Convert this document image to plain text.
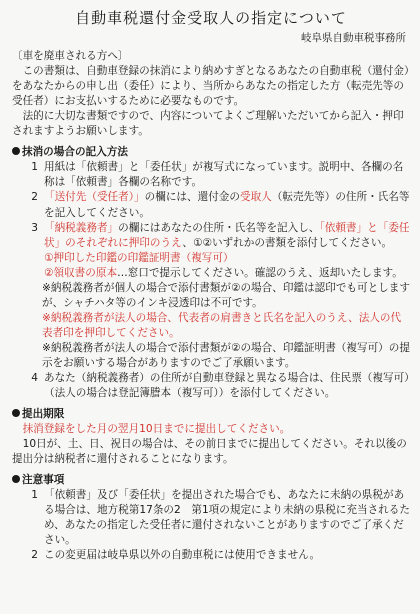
自動車税還付金受取人の指定について
岐阜県自動車税事務所
〔車を廃車される方へ〕

この書類は、自動車登録の抹消により納めすぎとなるあなたの自動車税（還付金）をあなたからの申し出（委任）により、当所からあなたの指定した方（転売先等の受任者）にお支払いするために必要なものです。

法的に大切な書類ですので、内容についてよくご理解いただいてから記入・押印されますようお願いします。

抹消の場合の記入方法
1 用紙は「依頼書」と「委任状」が複写式になっています。説明中、各欄の名称は「依頼書」各欄の名称です。
2 「送付先（受任者）」の欄には、還付金の受取人（転売先等）の住所・氏名等を記入してください。
3 「納税義務者」の欄にはあなたの住所・氏名等を記入し、「依頼書」と「委任状」のそれぞれに押印のうえ、①②いずれかの書類を添付してください。
①押印した印鑑の印鑑証明書（複写可）
②領収書の原本…窓口で提示してください。確認のうえ、返却いたします。
※納税義務者が個人の場合で添付書類が②の場合、印鑑は認印でも可としますが、シャチハタ等のインキ浸透印は不可です。
※納税義務者が法人の場合、代表者の肩書きと氏名を記入のうえ、法人の代表者印を押印してください。
※納税義務者が法人の場合で添付書類が②の場合、印鑑証明書（複写可）の提示をお願いする場合がありますのでご了承願います。
4 あなた（納税義務者）の住所が自動車登録と異なる場合は、住民票（複写可）（法人の場合は登記簿謄本（複写可））を添付してください。
提出期限
抹消登録をした月の翌月10日までに提出してください。
10日が、土、日、祝日の場合は、その前日までに提出してください。それ以後の提出分は納税者に還付されることになります。
注意事項
1 「依頼書」及び「委任状」を提出された場合でも、あなたに未納の県税がある場合は、地方税第17条の2　第1項の規定により未納の県税に充当されるため、あなたの指定した受任者に還付されないことがありますのでご了承ください。
2 この変更届は岐阜県以外の自動車税には使用できません。
